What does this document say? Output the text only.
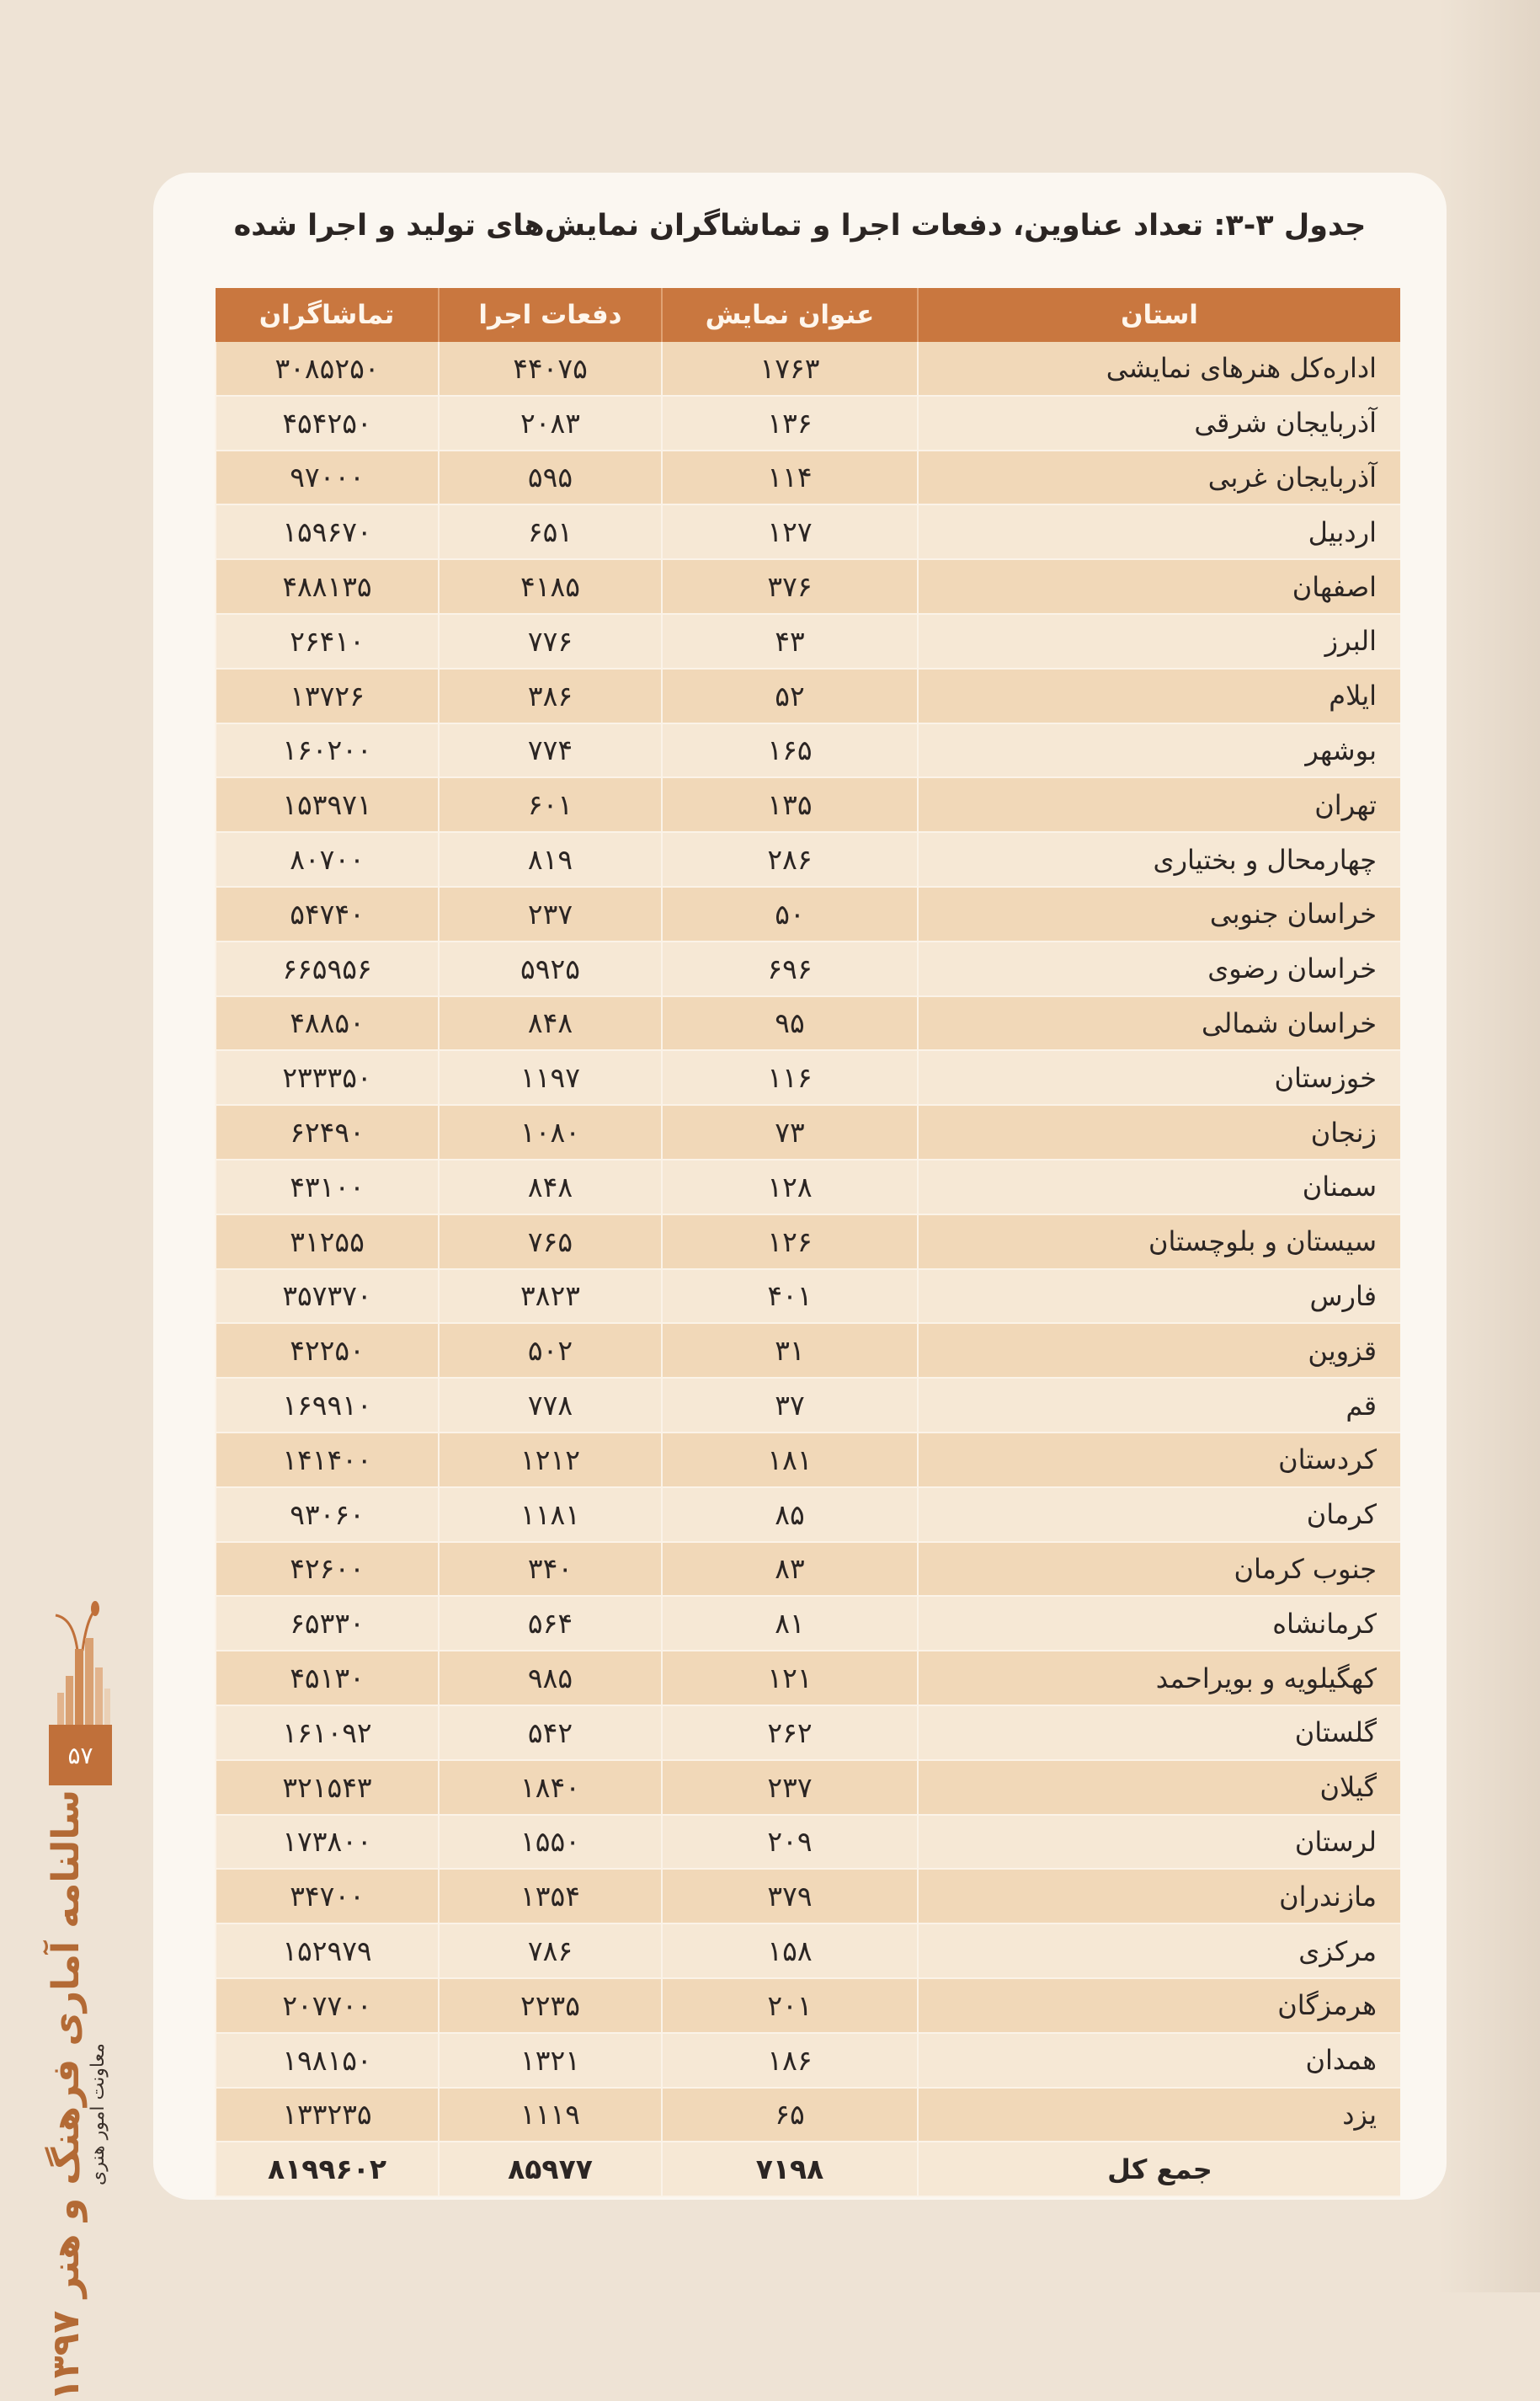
جدول ۳-۳: تعداد عناوین، دفعات اجرا و تماشاگران نمایش‌های تولید و اجرا شده
استان	عنوان نمایش	دفعات اجرا	تماشاگران
اداره‌کل هنرهای نمایشی	۱۷۶۳	۴۴۰۷۵	۳۰۸۵۲۵۰
آذربایجان شرقی	۱۳۶	۲۰۸۳	۴۵۴۲۵۰
آذربایجان غربی	۱۱۴	۵۹۵	۹۷۰۰۰
اردبیل	۱۲۷	۶۵۱	۱۵۹۶۷۰
اصفهان	۳۷۶	۴۱۸۵	۴۸۸۱۳۵
البرز	۴۳	۷۷۶	۲۶۴۱۰
ایلام	۵۲	۳۸۶	۱۳۷۲۶
بوشهر	۱۶۵	۷۷۴	۱۶۰۲۰۰
تهران	۱۳۵	۶۰۱	۱۵۳۹۷۱
چهارمحال و بختیاری	۲۸۶	۸۱۹	۸۰۷۰۰
خراسان جنوبی	۵۰	۲۳۷	۵۴۷۴۰
خراسان رضوی	۶۹۶	۵۹۲۵	۶۶۵۹۵۶
خراسان شمالی	۹۵	۸۴۸	۴۸۸۵۰
خوزستان	۱۱۶	۱۱۹۷	۲۳۳۳۵۰
زنجان	۷۳	۱۰۸۰	۶۲۴۹۰
سمنان	۱۲۸	۸۴۸	۴۳۱۰۰
سیستان و بلوچستان	۱۲۶	۷۶۵	۳۱۲۵۵
فارس	۴۰۱	۳۸۲۳	۳۵۷۳۷۰
قزوین	۳۱	۵۰۲	۴۲۲۵۰
قم	۳۷	۷۷۸	۱۶۹۹۱۰
کردستان	۱۸۱	۱۲۱۲	۱۴۱۴۰۰
کرمان	۸۵	۱۱۸۱	۹۳۰۶۰
جنوب کرمان	۸۳	۳۴۰	۴۲۶۰۰
کرمانشاه	۸۱	۵۶۴	۶۵۳۳۰
کهگیلویه و بویراحمد	۱۲۱	۹۸۵	۴۵۱۳۰
گلستان	۲۶۲	۵۴۲	۱۶۱۰۹۲
گیلان	۲۳۷	۱۸۴۰	۳۲۱۵۴۳
لرستان	۲۰۹	۱۵۵۰	۱۷۳۸۰۰
مازندران	۳۷۹	۱۳۵۴	۳۴۷۰۰
مرکزی	۱۵۸	۷۸۶	۱۵۲۹۷۹
هرمزگان	۲۰۱	۲۲۳۵	۲۰۷۷۰۰
همدان	۱۸۶	۱۳۲۱	۱۹۸۱۵۰
یزد	۶۵	۱۱۱۹	۱۳۳۲۳۵
جمع کل	۷۱۹۸	۸۵۹۷۷	۸۱۹۹۶۰۲
۵۷
سالنامه آماری فرهنگ و هنر ۱۳۹۷ معاونت امور هنری
